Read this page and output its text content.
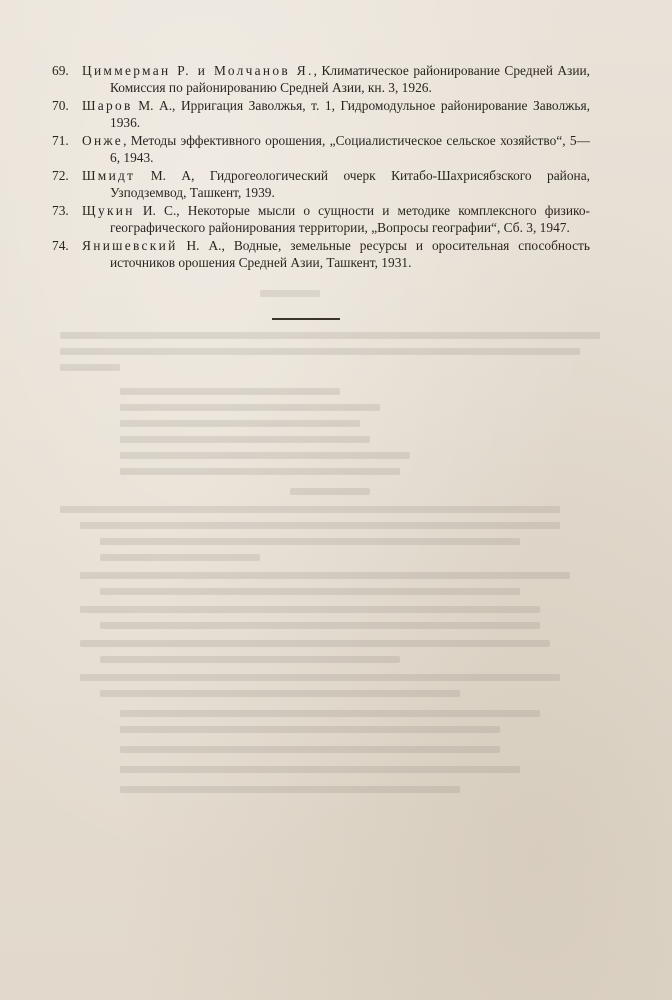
69. Циммерман Р. и Молчанов Я., Климатическое районирование Средней Азии, Комиссия по районированию Средней Азии, кн. 3, 1926.
70. Шаров М. А., Ирригация Заволжья, т. 1, Гидромодульное районирование Заволжья, 1936.
71. Онже, Методы эффективного орошения, „Социалистическое сельское хозяйство“, 5—6, 1943.
72. Шмидт М. А, Гидрогеологический очерк Китабо-Шахрисябзского района, Узподземвод, Ташкент, 1939.
73. Щукин И. С., Некоторые мысли о сущности и методике комплексного физико-географического районирования территории, „Вопросы географии“, Сб. 3, 1947.
74. Янишевский Н. А., Водные, земельные ресурсы и оросительная способность источников орошения Средней Азии, Ташкент, 1931.
